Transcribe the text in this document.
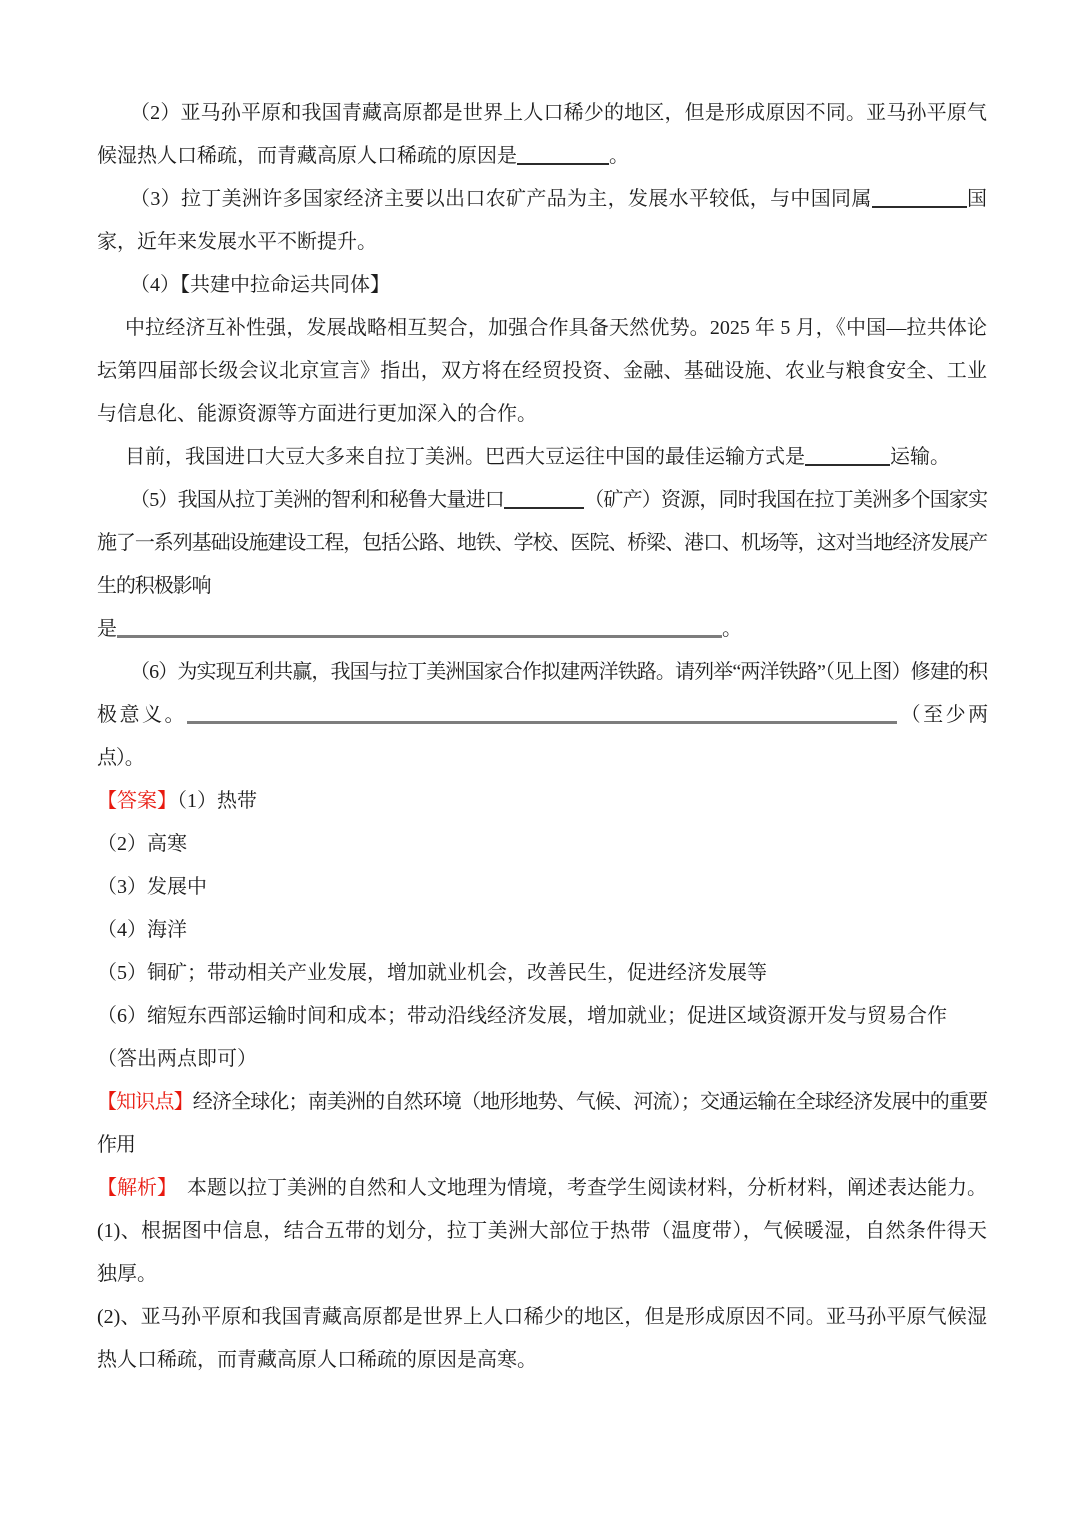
（2）亚马孙平原和我国青藏高原都是世界上人口稀少的地区，但是形成原因不同。亚马孙平原气候湿热人口稀疏，而青藏高原人口稀疏的原因是	。

（3）拉丁美洲许多国家经济主要以出口农矿产品为主，发展水平较低，与中国同属	国家，近年来发展水平不断提升。

（4）【共建中拉命运共同体】

中拉经济互补性强，发展战略相互契合，加强合作具备天然优势。2025 年 5 月，《中国—拉共体论坛第四届部长级会议北京宣言》指出，双方将在经贸投资、金融、基础设施、农业与粮食安全、工业与信息化、能源资源等方面进行更加深入的合作。

目前，我国进口大豆大多来自拉丁美洲。巴西大豆运往中国的最佳运输方式是	运输。

（5）我国从拉丁美洲的智利和秘鲁大量进口	（矿产）资源，同时我国在拉丁美洲多个国家实施了一系列基础设施建设工程，包括公路、地铁、学校、医院、桥梁、港口、机场等，这对当地经济发展产生的积极影响

是	。

（6）为实现互利共赢，我国与拉丁美洲国家合作拟建两洋铁路。请列举“两洋铁路”（见上图）修建的积极意义。	（至少两点）。

【答案】（1）热带

（2）高寒

（3）发展中

（4）海洋

（5）铜矿；带动相关产业发展，增加就业机会，改善民生，促进经济发展等

（6）缩短东西部运输时间和成本；带动沿线经济发展，增加就业；促进区域资源开发与贸易合作

（答出两点即可）

【知识点】经济全球化；南美洲的自然环境（地形地势、气候、河流）；交通运输在全球经济发展中的重要作用

【解析】　本题以拉丁美洲的自然和人文地理为情境，考查学生阅读材料，分析材料，阐述表达能力。

(1)、根据图中信息，结合五带的划分，拉丁美洲大部位于热带（温度带），气候暖湿，自然条件得天独厚。

(2)、亚马孙平原和我国青藏高原都是世界上人口稀少的地区，但是形成原因不同。亚马孙平原气候湿热人口稀疏，而青藏高原人口稀疏的原因是高寒。
